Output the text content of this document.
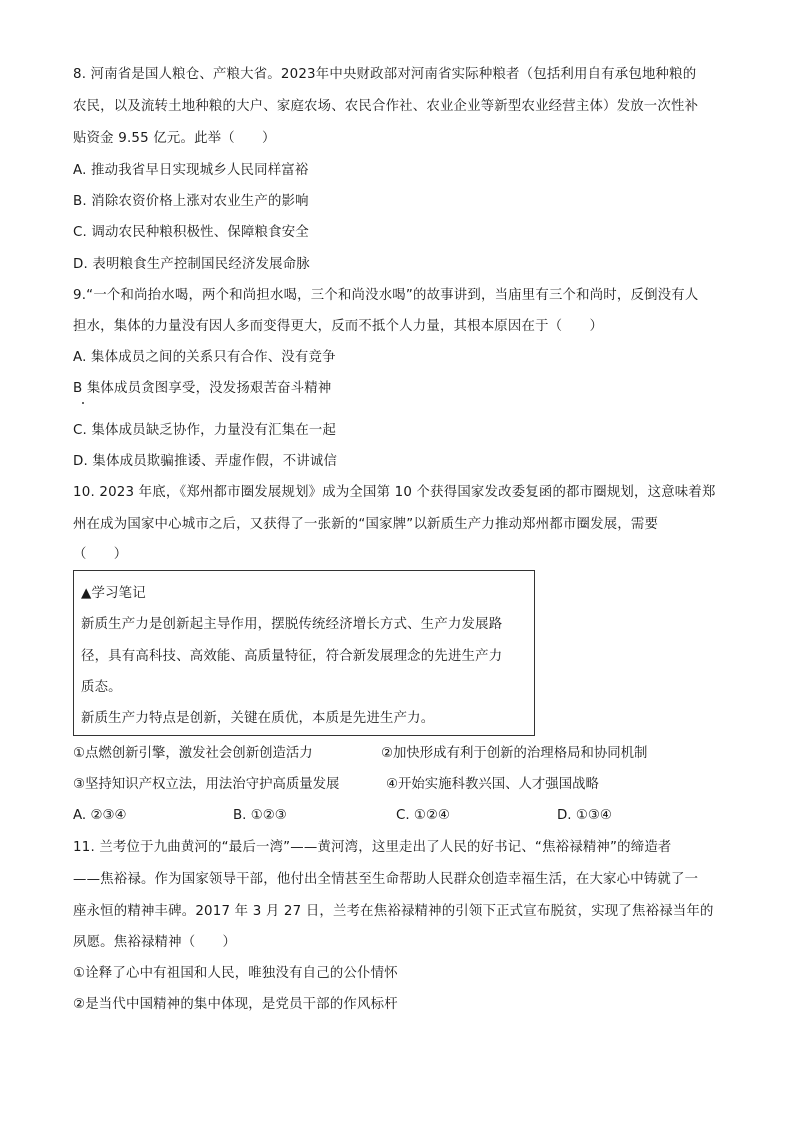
8. 河南省是国人粮仓、产粮大省。2023年中央财政部对河南省实际种粮者（包括利用自有承包地种粮的
农民，以及流转土地种粮的大户、家庭农场、农民合作社、农业企业等新型农业经营主体）发放一次性补
贴资金 9.55 亿元。此举（　　）
A. 推动我省早日实现城乡人民同样富裕
B. 消除农资价格上涨对农业生产的影响
C. 调动农民种粮积极性、保障粮食安全
D. 表明粮食生产控制国民经济发展命脉
9.“一个和尚抬水喝，两个和尚担水喝，三个和尚没水喝”的故事讲到，当庙里有三个和尚时，反倒没有人
担水，集体的力量没有因人多而变得更大，反而不抵个人力量，其根本原因在于（　　）
A. 集体成员之间的关系只有合作、没有竞争
B 集体成员贪图享受，没发扬艰苦奋斗精神
C. 集体成员缺乏协作，力量没有汇集在一起
D. 集体成员欺骗推诿、弄虚作假，不讲诚信
10. 2023 年底，《郑州都市圈发展规划》成为全国第 10 个获得国家发改委复函的都市圈规划，这意味着郑
州在成为国家中心城市之后，又获得了一张新的“国家牌”以新质生产力推动郑州都市圈发展，需要
（　　）
▲学习笔记
新质生产力是创新起主导作用，摆脱传统经济增长方式、生产力发展路
径，具有高科技、高效能、高质量特征，符合新发展理念的先进生产力
质态。
新质生产力特点是创新，关键在质优，本质是先进生产力。
①点燃创新引擎，激发社会创新创造活力	②加快形成有利于创新的治理格局和协同机制
③坚持知识产权立法，用法治守护高质量发展	④开始实施科教兴国、人才强国战略
A. ②③④	B. ①②③	C. ①②④	D. ①③④
11. 兰考位于九曲黄河的“最后一湾”——黄河湾，这里走出了人民的好书记、“焦裕禄精神”的缔造者
——焦裕禄。作为国家领导干部，他付出全情甚至生命帮助人民群众创造幸福生活，在大家心中铸就了一
座永恒的精神丰碑。2017 年 3 月 27 日，兰考在焦裕禄精神的引领下正式宣布脱贫，实现了焦裕禄当年的
夙愿。焦裕禄精神（　　）
①诠释了心中有祖国和人民，唯独没有自己的公仆情怀
②是当代中国精神的集中体现，是党员干部的作风标杆
